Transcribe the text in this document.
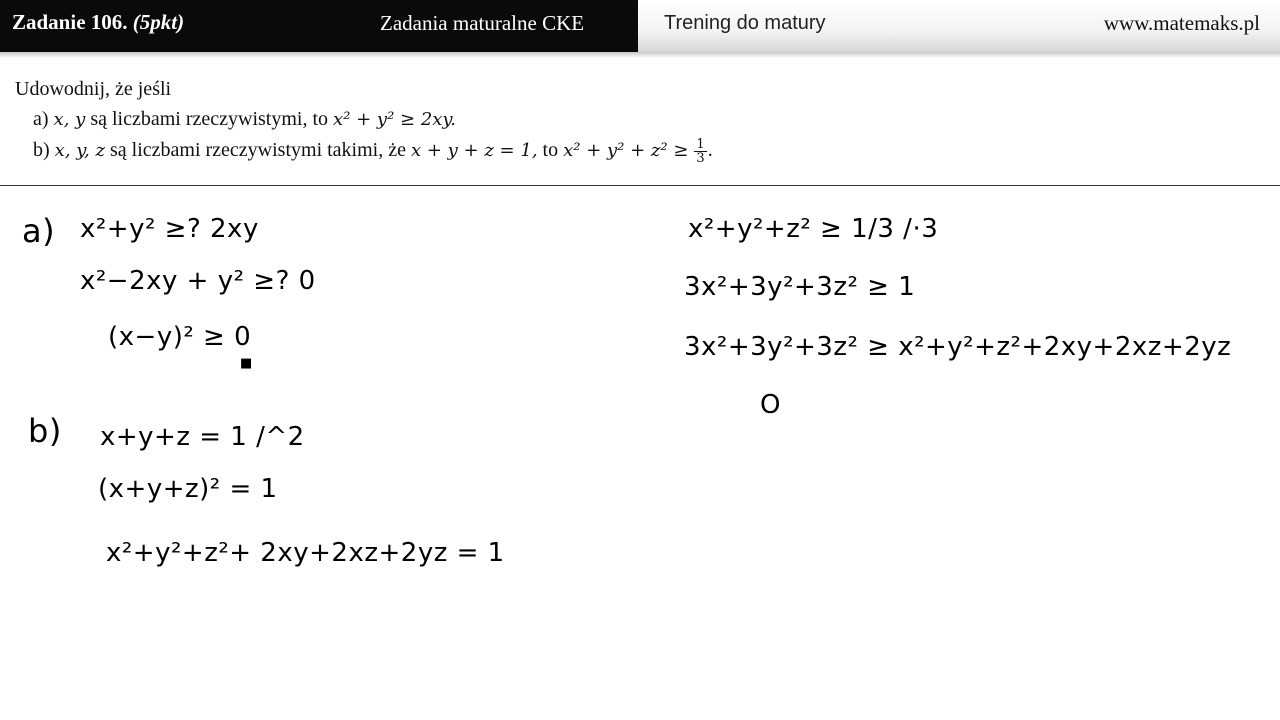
Zadanie 106. (5pkt)	Zadania maturalne CKE	Trening do matury	www.matemaks.pl
Udowodnij, że jeśli
a) x, y są liczbami rzeczywistymi, to x² + y² ≥ 2xy.
b) x, y, z są liczbami rzeczywistymi takimi, że x + y + z = 1, to $x^2 + y^2 + z^2 \ge \frac{1}{3}$ .
a) x²+y² ≥? 2xy
x²−2xy + y² ≥? 0
(x−y)² ≥ 0
■
b) x+y+z = 1 /^2
(x+y+z)² = 1
x²+y²+z²+ 2xy+2xz+2yz = 1
x²+y²+z² ≥ 1/3 /·3
3x²+3y²+3z² ≥ 1
3x²+3y²+3z² ≥ x²+y²+z²+2xy+2xz+2yz
O
